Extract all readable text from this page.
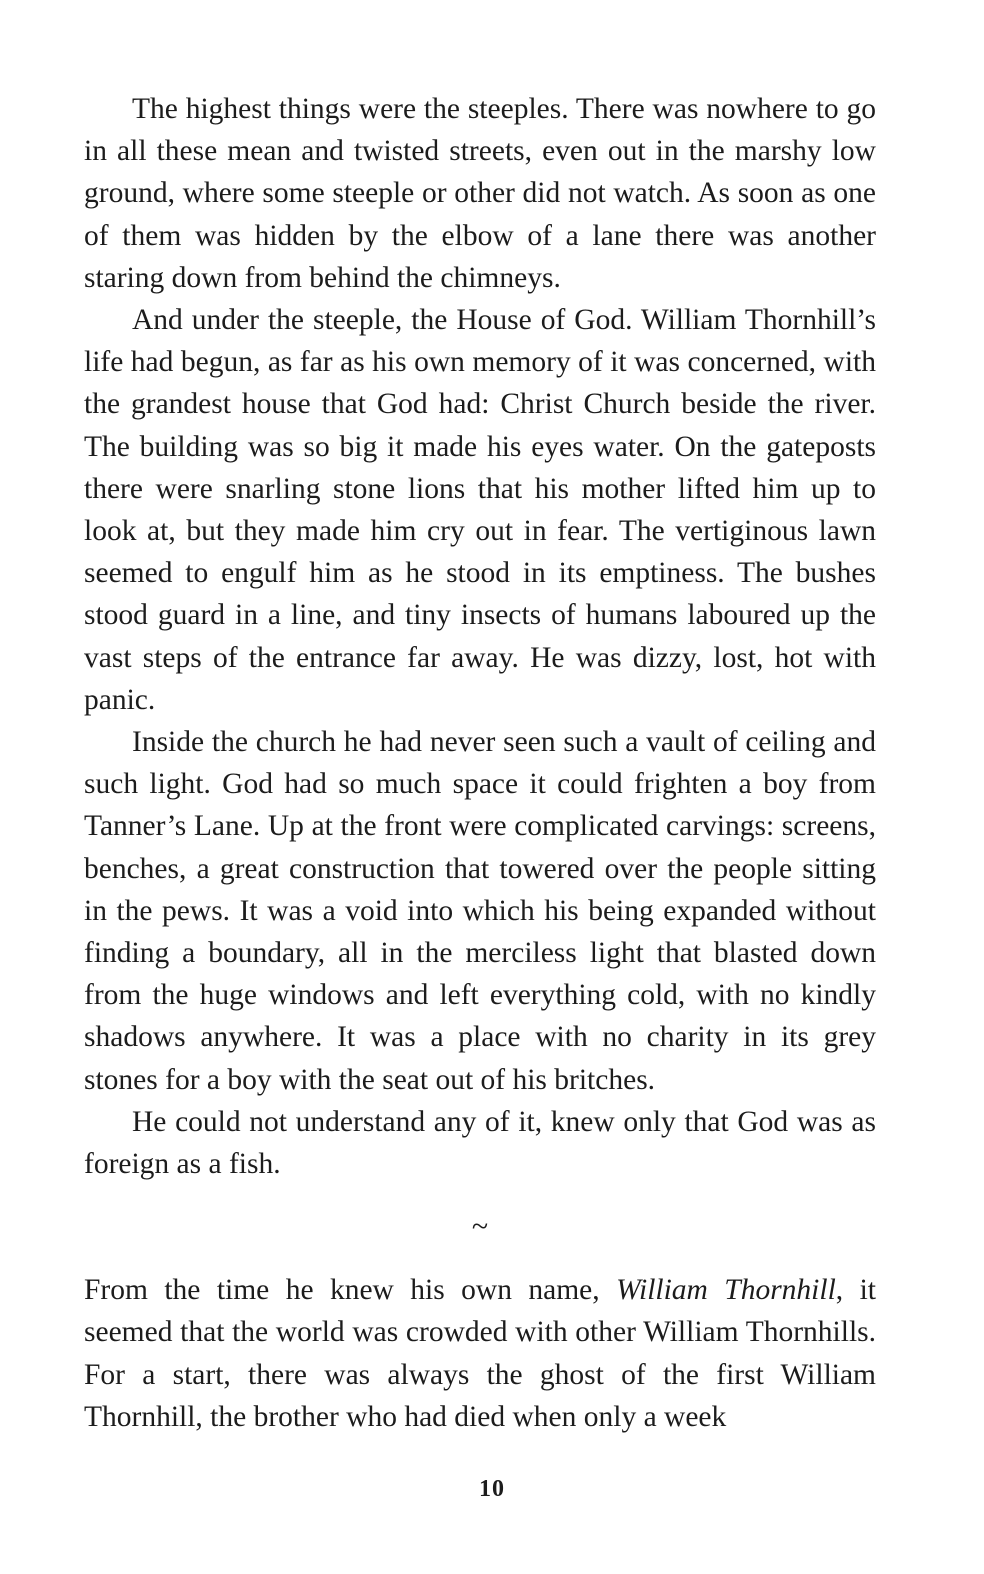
The highest things were the steeples. There was nowhere to go in all these mean and twisted streets, even out in the marshy low ground, where some steeple or other did not watch. As soon as one of them was hidden by the elbow of a lane there was another staring down from behind the chimneys.

And under the steeple, the House of God. William Thornhill’s life had begun, as far as his own memory of it was concerned, with the grandest house that God had: Christ Church beside the river. The building was so big it made his eyes water. On the gateposts there were snarling stone lions that his mother lifted him up to look at, but they made him cry out in fear. The vertiginous lawn seemed to engulf him as he stood in its emptiness. The bushes stood guard in a line, and tiny insects of humans laboured up the vast steps of the entrance far away. He was dizzy, lost, hot with panic.

Inside the church he had never seen such a vault of ceiling and such light. God had so much space it could frighten a boy from Tanner’s Lane. Up at the front were complicated carvings: screens, benches, a great construction that towered over the people sitting in the pews. It was a void into which his being expanded without finding a boundary, all in the merciless light that blasted down from the huge windows and left everything cold, with no kindly shadows anywhere. It was a place with no charity in its grey stones for a boy with the seat out of his britches.

He could not understand any of it, knew only that God was as foreign as a fish.

~

From the time he knew his own name, William Thornhill, it seemed that the world was crowded with other William Thornhills. For a start, there was always the ghost of the first William Thornhill, the brother who had died when only a week

10
